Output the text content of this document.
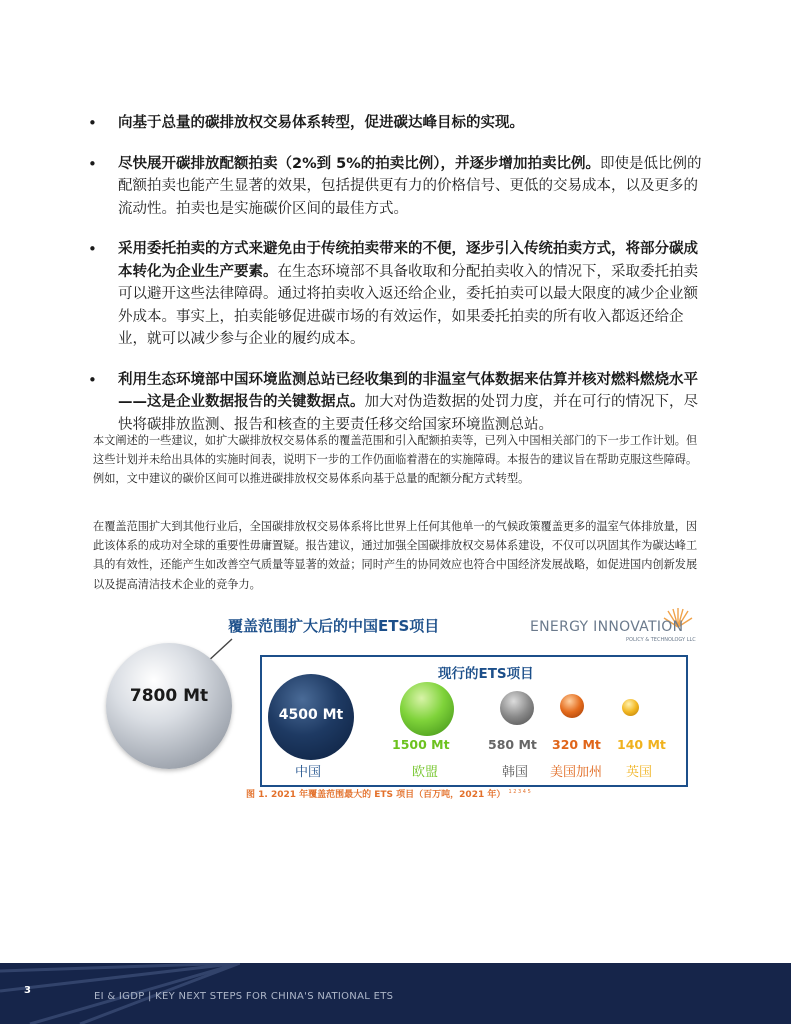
• 向基于总量的碳排放权交易体系转型，促进碳达峰目标的实现。
• 尽快展开碳排放配额拍卖（2%到 5%的拍卖比例），并逐步增加拍卖比例。即使是低比例的配额拍卖也能产生显著的效果，包括提供更有力的价格信号、更低的交易成本，以及更多的流动性。拍卖也是实施碳价区间的最佳方式。
• 采用委托拍卖的方式来避免由于传统拍卖带来的不便，逐步引入传统拍卖方式，将部分碳成本转化为企业生产要素。在生态环境部不具备收取和分配拍卖收入的情况下，采取委托拍卖可以避开这些法律障碍。通过将拍卖收入返还给企业，委托拍卖可以最大限度的减少企业额外成本。事实上，拍卖能够促进碳市场的有效运作，如果委托拍卖的所有收入都返还给企业，就可以减少参与企业的履约成本。
• 利用生态环境部中国环境监测总站已经收集到的非温室气体数据来估算并核对燃料燃烧水平——这是企业数据报告的关键数据点。加大对伪造数据的处罚力度，并在可行的情况下，尽快将碳排放监测、报告和核查的主要责任移交给国家环境监测总站。
本文阐述的一些建议，如扩大碳排放权交易体系的覆盖范围和引入配额拍卖等，已列入中国相关部门的下一步工作计划。但这些计划并未给出具体的实施时间表，说明下一步的工作仍面临着潜在的实施障碍。本报告的建议旨在帮助克服这些障碍。例如，文中建议的碳价区间可以推进碳排放权交易体系向基于总量的配额分配方式转型。
在覆盖范围扩大到其他行业后，全国碳排放权交易体系将比世界上任何其他单一的气候政策覆盖更多的温室气体排放量，因此该体系的成功对全球的重要性毋庸置疑。报告建议，通过加强全国碳排放权交易体系建设，不仅可以巩固其作为碳达峰工具的有效性，还能产生如改善空气质量等显著的效益；同时产生的协同效应也符合中国经济发展战略，如促进国内创新发展以及提高清洁技术企业的竞争力。
覆盖范围扩大后的中国ETS项目	ENERGY INNOVATION
POLICY & TECHNOLOGY LLC
7800 Mt
现行的ETS项目
4500 Mt
中国
1500 Mt
欧盟
580 Mt
韩国
320 Mt
美国加州
140 Mt
英国
图 1. 2021 年覆盖范围最大的 ETS 项目（百万吨，2021 年） $^{1 2 3 4 5}$
3
EI & IGDP | KEY NEXT STEPS FOR CHINA'S NATIONAL ETS
